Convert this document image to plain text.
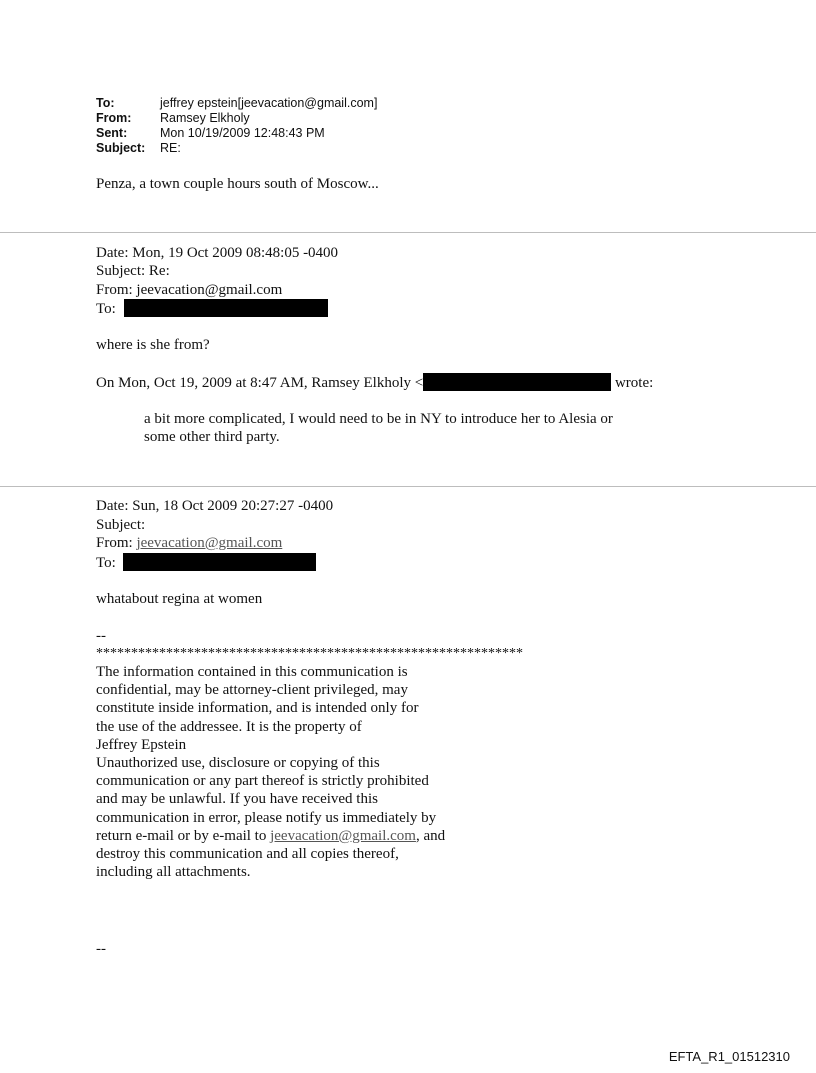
To:	jeffrey epstein[jeevacation@gmail.com]
From:	Ramsey Elkholy
Sent:	Mon 10/19/2009 12:48:43 PM
Subject:	RE:
Penza, a town couple hours south of Moscow...
Date: Mon, 19 Oct 2009 08:48:05 -0400
Subject: Re:
From: jeevacation@gmail.com
To:
where is she from?
On Mon, Oct 19, 2009 at 8:47 AM, Ramsey Elkholy <	wrote:
a bit more complicated, I would need to be in NY to introduce her to Alesia or
some other third party.
Date: Sun, 18 Oct 2009 20:27:27 -0400
Subject:
From: jeevacation@gmail.com
To:
whatabout regina at women
--
*************************************************************
The information contained in this communication is
confidential, may be attorney-client privileged, may
constitute inside information, and is intended only for
the use of the addressee. It is the property of
Jeffrey Epstein
Unauthorized use, disclosure or copying of this
communication or any part thereof is strictly prohibited
and may be unlawful. If you have received this
communication in error, please notify us immediately by
return e-mail or by e-mail to jeevacation@gmail.com, and
destroy this communication and all copies thereof,
including all attachments.
--
EFTA_R1_01512310
